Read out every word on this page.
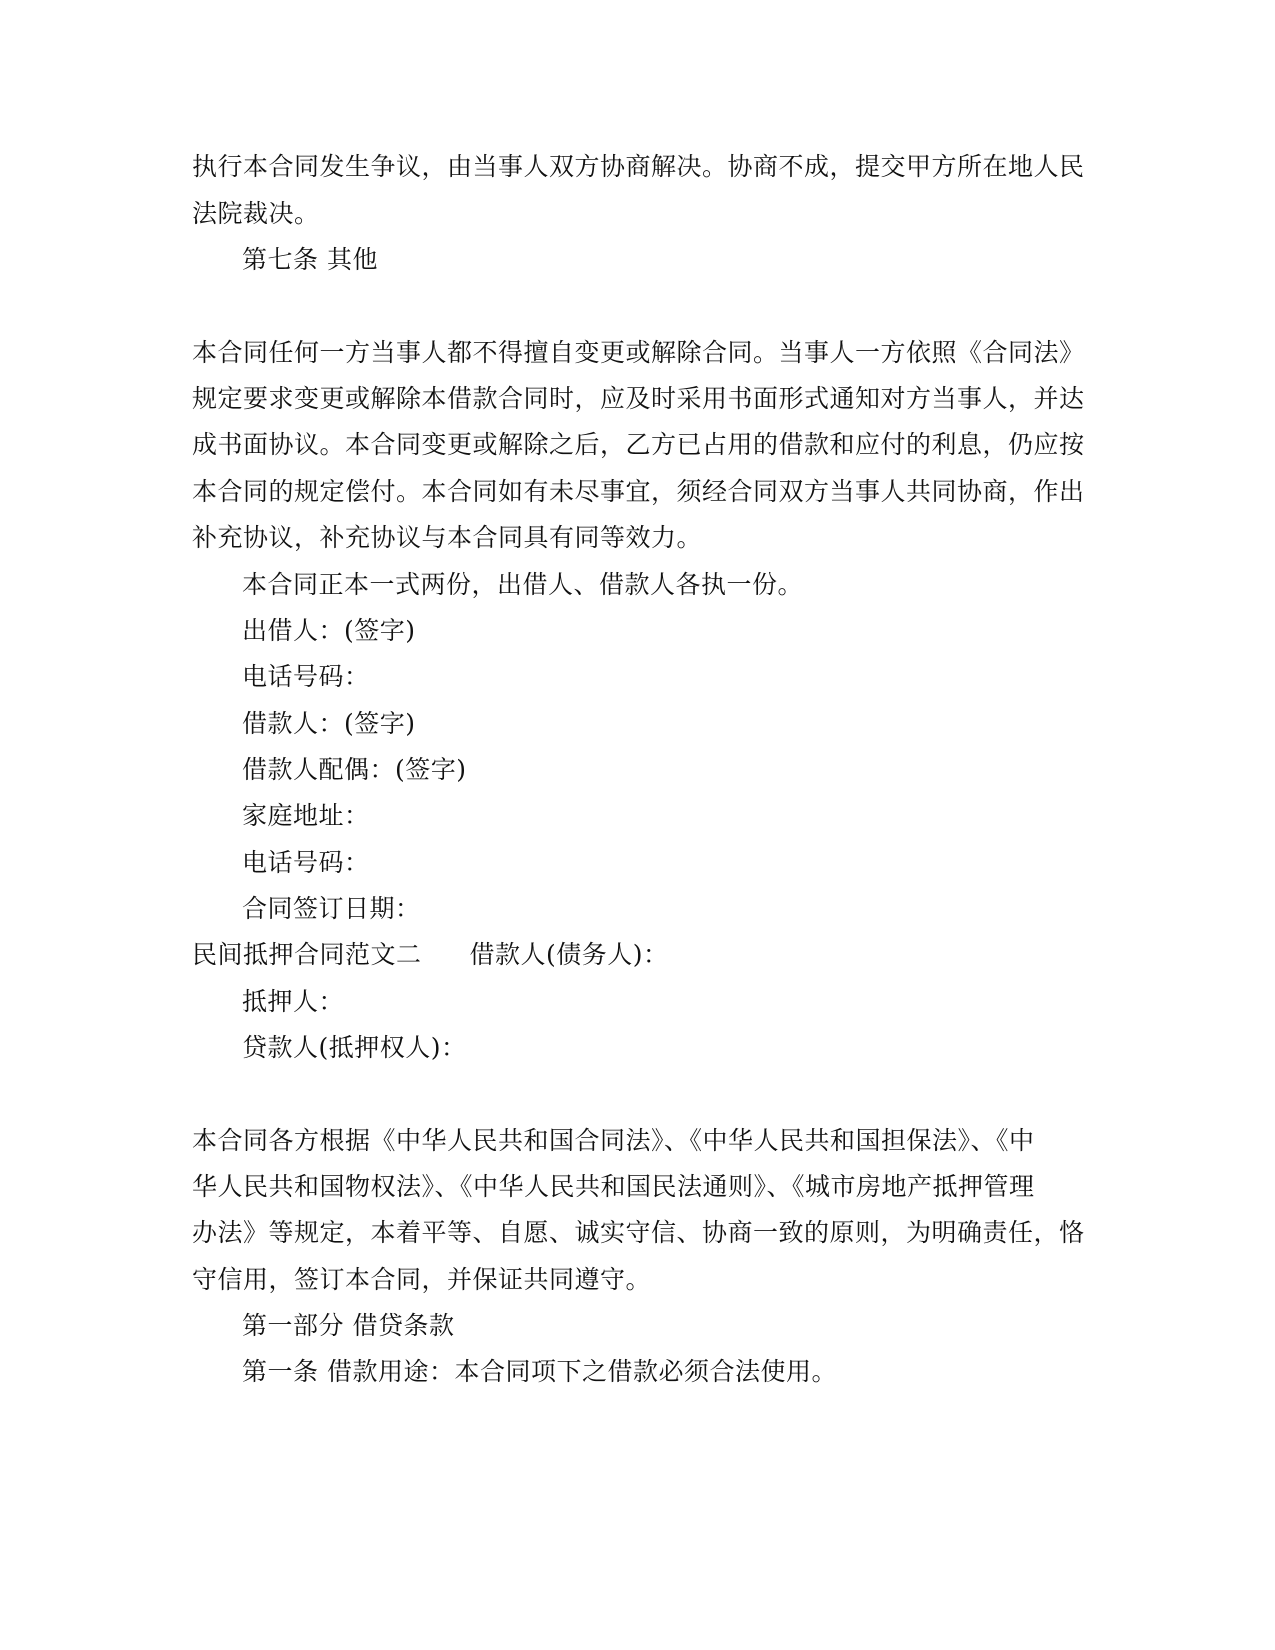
执行本合同发生争议，由当事人双方协商解决。协商不成，提交甲方所在地人民
法院裁决。
第七条 其他
本合同任何一方当事人都不得擅自变更或解除合同。当事人一方依照《合同法》
规定要求变更或解除本借款合同时，应及时采用书面形式通知对方当事人，并达
成书面协议。本合同变更或解除之后，乙方已占用的借款和应付的利息，仍应按
本合同的规定偿付。本合同如有未尽事宜，须经合同双方当事人共同协商，作出
补充协议，补充协议与本合同具有同等效力。
本合同正本一式两份，出借人、借款人各执一份。
出借人：(签字)
电话号码：
借款人：(签字)
借款人配偶：(签字)
家庭地址：
电话号码：
合同签订日期：
民间抵押合同范文二 借款人(债务人)：
抵押人：
贷款人(抵押权人)：
本合同各方根据《中华人民共和国合同法》、《中华人民共和国担保法》、《中
华人民共和国物权法》、《中华人民共和国民法通则》、《城市房地产抵押管理
办法》等规定，本着平等、自愿、诚实守信、协商一致的原则，为明确责任，恪
守信用，签订本合同，并保证共同遵守。
第一部分 借贷条款
第一条 借款用途：本合同项下之借款必须合法使用。
